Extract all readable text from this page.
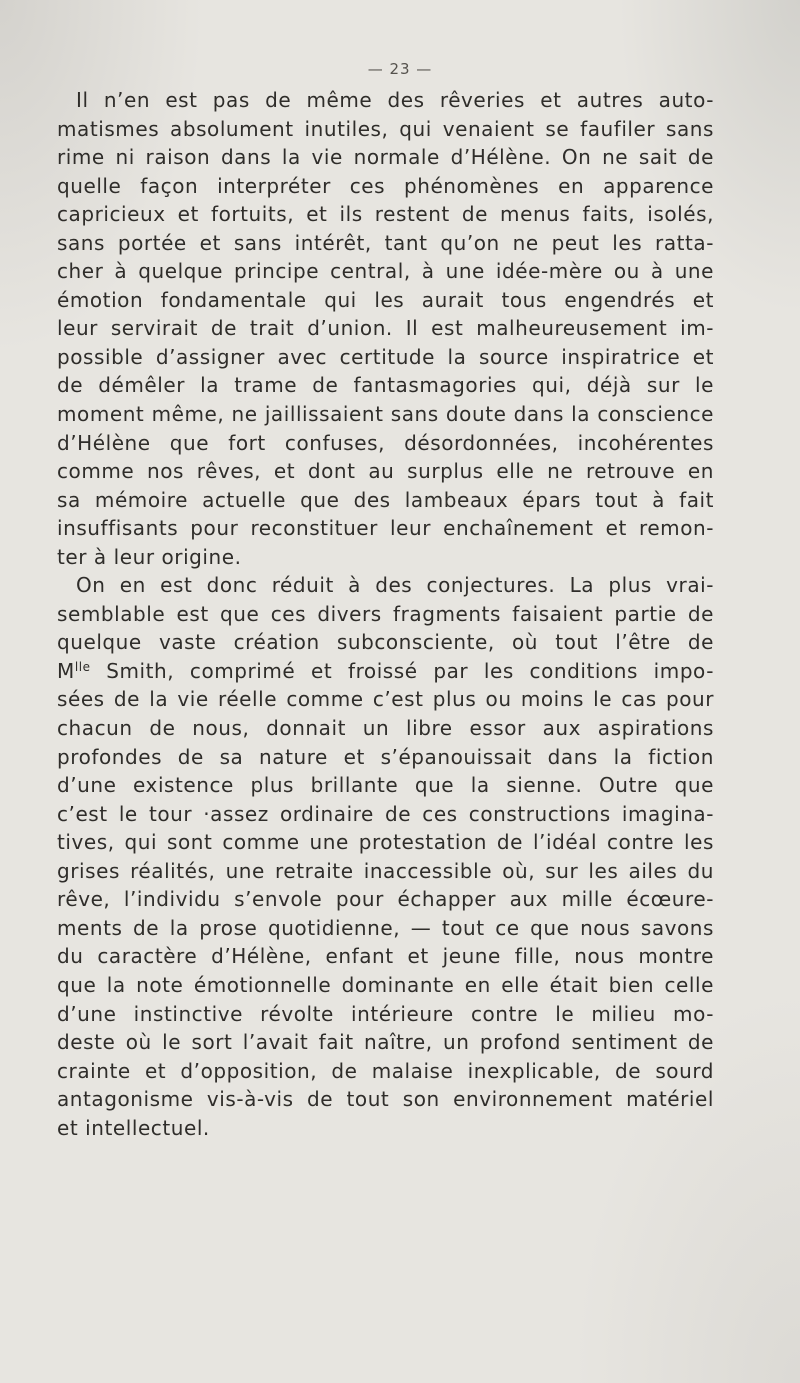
— 23 —
Il n’en est pas de même des rêveries et autres auto-
matismes absolument inutiles, qui venaient se faufiler sans
rime ni raison dans la vie normale d’Hélène. On ne sait de
quelle façon interpréter ces phénomènes en apparence
capricieux et fortuits, et ils restent de menus faits, isolés,
sans portée et sans intérêt, tant qu’on ne peut les ratta-
cher à quelque principe central, à une idée-mère ou à une
émotion fondamentale qui les aurait tous engendrés et
leur servirait de trait d’union. Il est malheureusement im-
possible d’assigner avec certitude la source inspiratrice et
de démêler la trame de fantasmagories qui, déjà sur le
moment même, ne jaillissaient sans doute dans la conscience
d’Hélène que fort confuses, désordonnées, incohérentes
comme nos rêves, et dont au surplus elle ne retrouve en
sa mémoire actuelle que des lambeaux épars tout à fait
insuffisants pour reconstituer leur enchaînement et remon-
ter à leur origine.
On en est donc réduit à des conjectures. La plus vrai-
semblable est que ces divers fragments faisaient partie de
quelque vaste création subconsciente, où tout l’être de
$M^{lle}$ Smith, comprimé et froissé par les conditions impo-
sées de la vie réelle comme c’est plus ou moins le cas pour
chacun de nous, donnait un libre essor aux aspirations
profondes de sa nature et s’épanouissait dans la fiction
d’une existence plus brillante que la sienne. Outre que
c’est le tour ·assez ordinaire de ces constructions imagina-
tives, qui sont comme une protestation de l’idéal contre les
grises réalités, une retraite inaccessible où, sur les ailes du
rêve, l’individu s’envole pour échapper aux mille écœure-
ments de la prose quotidienne, — tout ce que nous savons
du caractère d’Hélène, enfant et jeune fille, nous montre
que la note émotionnelle dominante en elle était bien celle
d’une instinctive révolte intérieure contre le milieu mo-
deste où le sort l’avait fait naître, un profond sentiment de
crainte et d’opposition, de malaise inexplicable, de sourd
antagonisme vis-à-vis de tout son environnement matériel
et intellectuel.
